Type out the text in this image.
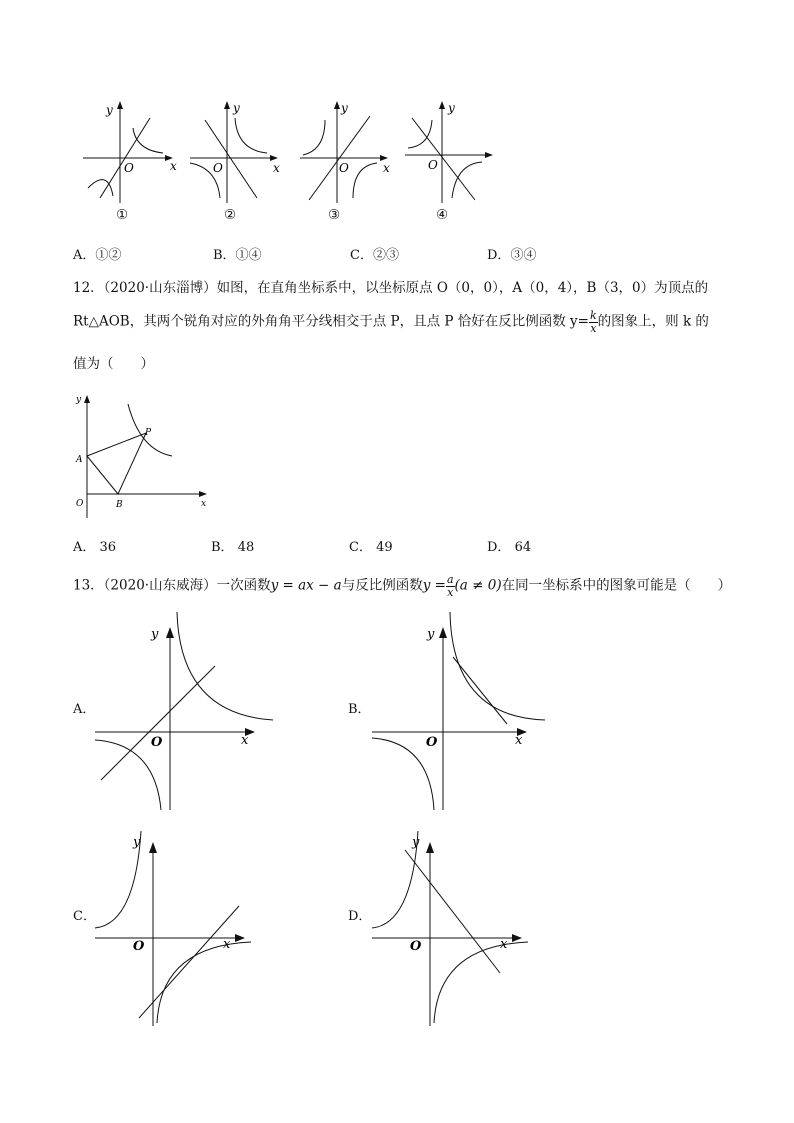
y
x
O
y
x
O
y
x
O
y
O
①	②	③	④
A．①②	B．①④	C．②③	D．③④
12．（2020·山东淄博）如图，在直角坐标系中，以坐标原点 O（0，0），A（0，4），B（3，0）为顶点的
Rt△AOB，其两个锐角对应的外角角平分线相交于点 P，且点 P 恰好在反比例函数 $y= \frac{k}{x}$ 的图象上，则 k 的
值为（　　）
y
x
O
A
B
P
A． 36	B． 48	C． 49	D． 64
13．（2020·山东威海）一次函数y = ax − a与反比例函数$y = \frac{a}{x} (a \ne 0)$在同一坐标系中的图象可能是（　　）
A．
y
x
O
B．
y
x
O
C．
y
x
O
D．
y
x
O
